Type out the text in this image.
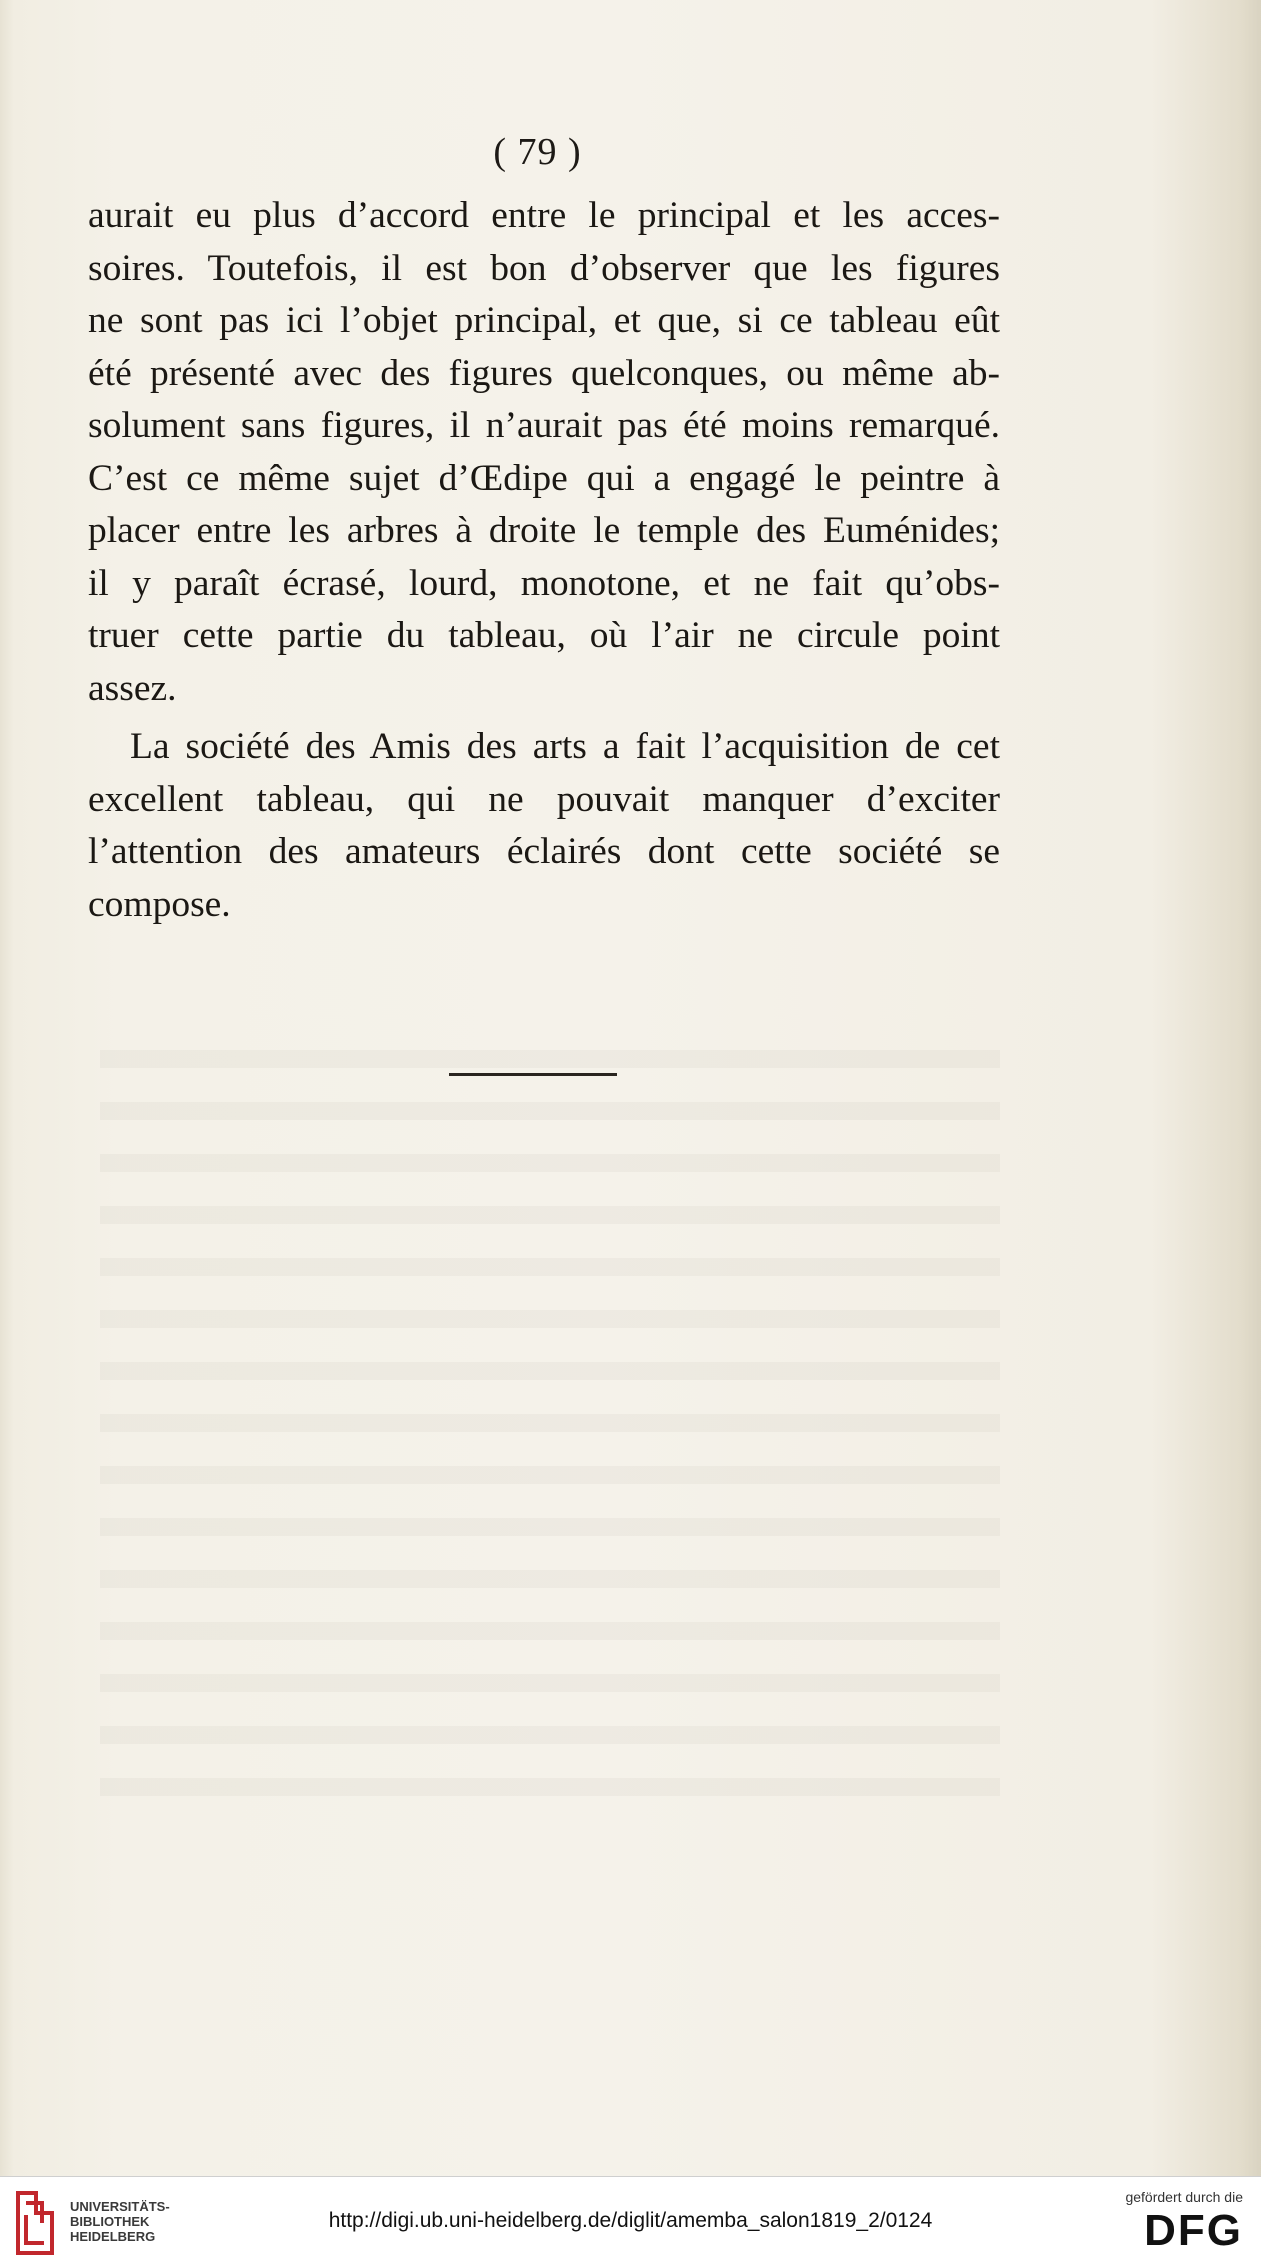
( 79 )
aurait eu plus d’accord entre le principal et les acces-
soires. Toutefois, il est bon d’observer que les figures
ne sont pas ici l’objet principal, et que, si ce tableau eût
été présenté avec des figures quelconques, ou même ab-
solument sans figures, il n’aurait pas été moins remarqué.
C’est ce même sujet d’Œdipe qui a engagé le peintre à
placer entre les arbres à droite le temple des Euménides;
il y paraît écrasé, lourd, monotone, et ne fait qu’obs-
truer cette partie du tableau, où l’air ne circule point
assez.
La société des Amis des arts a fait l’acquisition de cet
excellent tableau, qui ne pouvait manquer d’exciter
l’attention des amateurs éclairés dont cette société se
compose.
UNIVERSITÄTS-
BIBLIOTHEK
HEIDELBERG
http://digi.ub.uni-heidelberg.de/diglit/amemba_salon1819_2/0124
gefördert durch die
DFG
